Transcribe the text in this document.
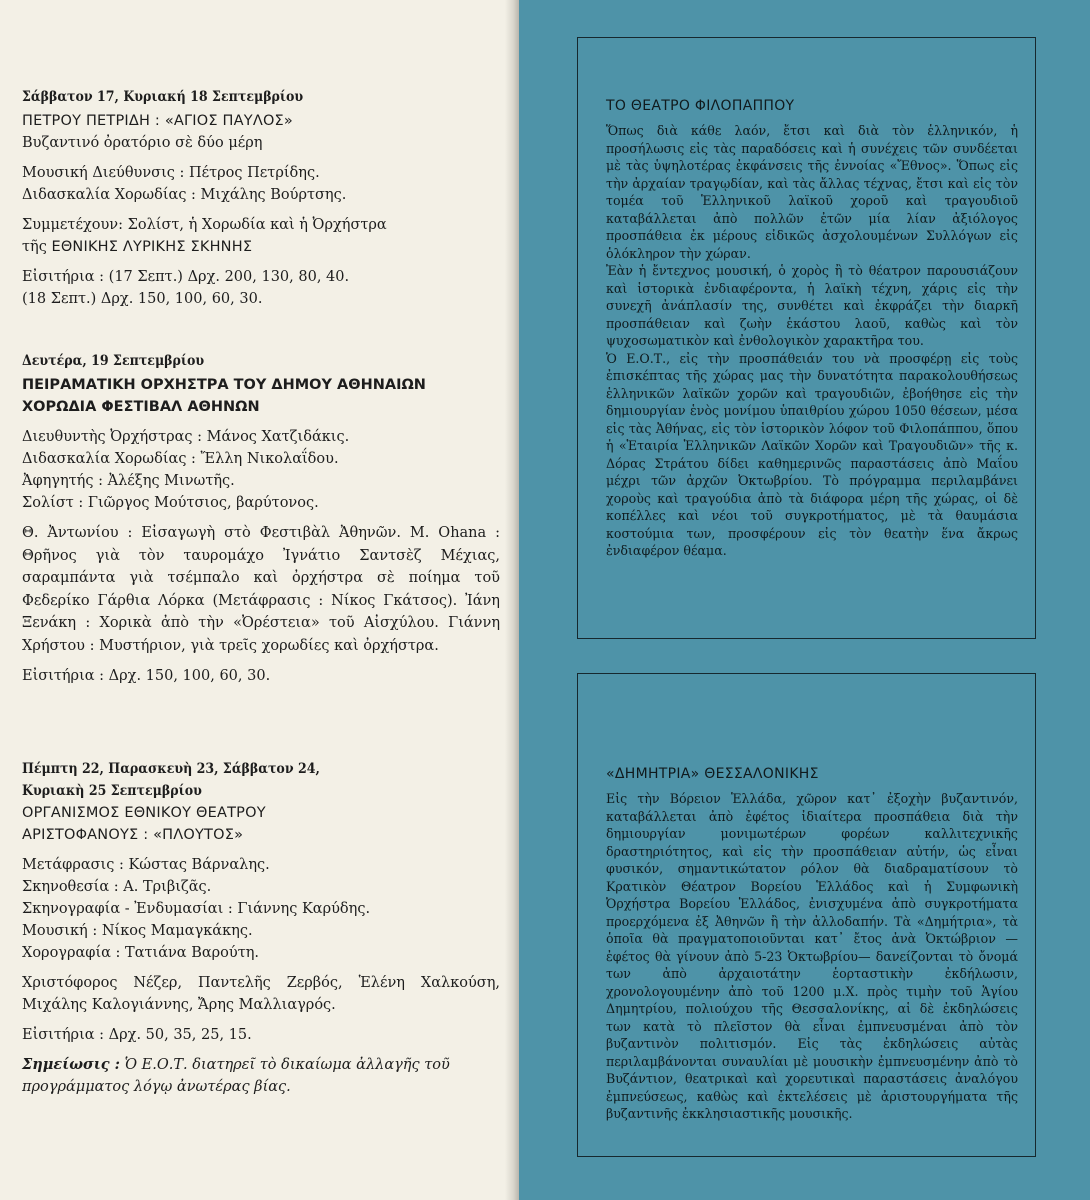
Σάββατον 17, Κυριακή 18 Σεπτεμβρίου

ΠΕΤΡΟΥ ΠΕΤΡΙΔΗ : «ΑΓΙΟΣ ΠΑΥΛΟΣ»

Βυζαντινό ὀρατόριο σὲ δύο μέρη

Μουσική Διεύθυνσις : Πέτρος Πετρίδης.

Διδασκαλία Χορωδίας : Μιχάλης Βούρτσης.

Συμμετέχουν: Σολίστ, ἡ Χορωδία καὶ ἡ Ὀρχήστρα

τῆς ΕΘΝΙΚΗΣ ΛΥΡΙΚΗΣ ΣΚΗΝΗΣ

Εἰσιτήρια : (17 Σεπτ.) Δρχ. 200, 130, 80, 40.

(18 Σεπτ.) Δρχ. 150, 100, 60, 30.

Δευτέρα, 19 Σεπτεμβρίου

ΠΕΙΡΑΜΑΤΙΚΗ ΟΡΧΗΣΤΡΑ ΤΟΥ ΔΗΜΟΥ ΑΘΗΝΑΙΩΝ

ΧΟΡΩΔΙΑ ΦΕΣΤΙΒΑΛ ΑΘΗΝΩΝ

Διευθυντὴς Ὀρχήστρας : Μάνος Χατζιδάκις.

Διδασκαλία Χορωδίας : Ἔλλη Νικολαΐδου.

Ἀφηγητής : Ἀλέξης Μινωτῆς.

Σολίστ : Γιῶργος Μούτσιος, βαρύτονος.

Θ. Ἀντωνίου : Εἰσαγωγὴ στὸ Φεστιβὰλ Ἀθηνῶν. Μ. Ohana : Θρῆνος γιὰ τὸν ταυρομάχο Ἰγνάτιο Σαντσὲζ Μέχιας, σαραμπάντα γιὰ τσέμπαλο καὶ ὀρχήστρα σὲ ποίημα τοῦ Φεδερίκο Γάρθια Λόρκα (Μετάφρασις : Νίκος Γκάτσος). Ἰάνη Ξενάκη : Χορικὰ ἀπὸ τὴν «Ὀρέστεια» τοῦ Αἰσχύλου. Γιάννη Χρήστου : Μυστήριον, γιὰ τρεῖς χορωδίες καὶ ὀρχήστρα.

Εἰσιτήρια : Δρχ. 150, 100, 60, 30.

Πέμπτη 22, Παρασκευὴ 23, Σάββατον 24,

Κυριακὴ 25 Σεπτεμβρίου

ΟΡΓΑΝΙΣΜΟΣ ΕΘΝΙΚΟΥ ΘΕΑΤΡΟΥ

ΑΡΙΣΤΟΦΑΝΟΥΣ : «ΠΛΟΥΤΟΣ»

Μετάφρασις : Κώστας Βάρναλης.

Σκηνοθεσία : Α. Τριβιζᾶς.

Σκηνογραφία - Ἐνδυμασίαι : Γιάννης Καρύδης.

Μουσική : Νίκος Μαμαγκάκης.

Χορογραφία : Τατιάνα Βαρούτη.

Χριστόφορος Νέζερ, Παντελῆς Ζερβός, Ἑλένη Χαλκούση, Μιχάλης Καλογιάννης, Ἄρης Μαλλιαγρός.

Εἰσιτήρια : Δρχ. 50, 35, 25, 15.

Σημείωσις : Ὁ Ε.Ο.Τ. διατηρεῖ τὸ δικαίωμα ἀλλαγῆς τοῦ προγράμματος λόγῳ ἀνωτέρας βίας.

ΤΟ ΘΕΑΤΡΟ ΦΙΛΟΠΑΠΠΟΥ

Ὅπως διὰ κάθε λαόν, ἔτσι καὶ διὰ τὸν ἑλληνικόν, ἡ προσήλωσις εἰς τὰς παραδόσεις καὶ ἡ συνέχεις τῶν συνδέεται μὲ τὰς ὑψηλοτέρας ἐκφάνσεις τῆς ἐννοίας «Ἔθνος». Ὅπως εἰς τὴν ἀρχαίαν τραγῳδίαν, καὶ τὰς ἄλλας τέχνας, ἔτσι καὶ εἰς τὸν τομέα τοῦ Ἑλληνικοῦ λαϊκοῦ χοροῦ καὶ τραγουδιοῦ καταβάλλεται ἀπὸ πολλῶν ἐτῶν μία λίαν ἀξιόλογος προσπάθεια ἐκ μέρους εἰδικῶς ἀσχολουμένων Συλλόγων εἰς ὁλόκληρον τὴν χώραν.

Ἐὰν ἡ ἔντεχνος μουσική, ὁ χορὸς ἢ τὸ θέατρον παρουσιάζουν καὶ ἱστορικὰ ἐνδιαφέροντα, ἡ λαϊκὴ τέχνη, χάρις εἰς τὴν συνεχῆ ἀνάπλασίν της, συνθέτει καὶ ἐκφράζει τὴν διαρκῆ προσπάθειαν καὶ ζωὴν ἑκάστου λαοῦ, καθὼς καὶ τὸν ψυχοσωματικὸν καὶ ἐνθολογικὸν χαρακτῆρα του.

Ὁ Ε.Ο.Τ., εἰς τὴν προσπάθειάν του νὰ προσφέρῃ εἰς τοὺς ἐπισκέπτας τῆς χώρας μας τὴν δυνατότητα παρακολουθήσεως ἑλληνικῶν λαϊκῶν χορῶν καὶ τραγουδιῶν, ἐβοήθησε εἰς τὴν δημιουργίαν ἑνὸς μονίμου ὑπαιθρίου χώρου 1050 θέσεων, μέσα εἰς τὰς Ἀθήνας, εἰς τὸν ἱστορικὸν λόφον τοῦ Φιλοπάππου, ὅπου ἡ «Ἑταιρία Ἑλληνικῶν Λαϊκῶν Χορῶν καὶ Τραγουδιῶν» τῆς κ. Δόρας Στράτου δίδει καθημερινῶς παραστάσεις ἀπὸ Μαΐου μέχρι τῶν ἀρχῶν Ὀκτωβρίου. Τὸ πρόγραμμα περιλαμβάνει χοροὺς καὶ τραγούδια ἀπὸ τὰ διάφορα μέρη τῆς χώρας, οἱ δὲ κοπέλλες καὶ νέοι τοῦ συγκροτήματος, μὲ τὰ θαυμάσια κοστούμια των, προσφέρουν εἰς τὸν θεατὴν ἕνα ἄκρως ἐνδιαφέρον θέαμα.

«ΔΗΜΗΤΡΙΑ» ΘΕΣΣΑΛΟΝΙΚΗΣ

Εἰς τὴν Βόρειον Ἑλλάδα, χῶρον κατ᾽ ἐξοχὴν βυζαντινόν, καταβάλλεται ἀπὸ ἐφέτος ἰδιαίτερα προσπάθεια διὰ τὴν δημιουργίαν μονιμωτέρων φορέων καλλιτεχνικῆς δραστηριότητος, καὶ εἰς τὴν προσπάθειαν αὐτήν, ὡς εἶναι φυσικόν, σημαντικώτατον ρόλον θὰ διαδραματίσουν τὸ Κρατικὸν Θέατρον Βορείου Ἑλλάδος καὶ ἡ Συμφωνικὴ Ὀρχήστρα Βορείου Ἑλλάδος, ἐνισχυμένα ἀπὸ συγκροτήματα προερχόμενα ἐξ Ἀθηνῶν ἢ τὴν ἀλλοδαπήν. Τὰ «Δημήτρια», τὰ ὁποῖα θὰ πραγματοποιοῦνται κατ᾽ ἔτος ἀνὰ Ὀκτώβριον —ἐφέτος θὰ γίνουν ἀπὸ 5-23 Ὀκτωβρίου— δανείζονται τὸ ὄνομά των ἀπὸ ἀρχαιοτάτην ἑορταστικὴν ἐκδήλωσιν, χρονολογουμένην ἀπὸ τοῦ 1200 μ.Χ. πρὸς τιμὴν τοῦ Ἁγίου Δημητρίου, πολιούχου τῆς Θεσσαλονίκης, αἱ δὲ ἐκδηλώσεις των κατὰ τὸ πλεῖστον θὰ εἶναι ἐμπνευσμέναι ἀπὸ τὸν βυζαντινὸν πολιτισμόν. Εἰς τὰς ἐκδηλώσεις αὐτὰς περιλαμβάνονται συναυλίαι μὲ μουσικὴν ἐμπνευσμένην ἀπὸ τὸ Βυζάντιον, θεατρικαὶ καὶ χορευτικαὶ παραστάσεις ἀναλόγου ἐμπνεύσεως, καθὼς καὶ ἐκτελέσεις μὲ ἀριστουργήματα τῆς βυζαντινῆς ἐκκλησιαστικῆς μουσικῆς.
